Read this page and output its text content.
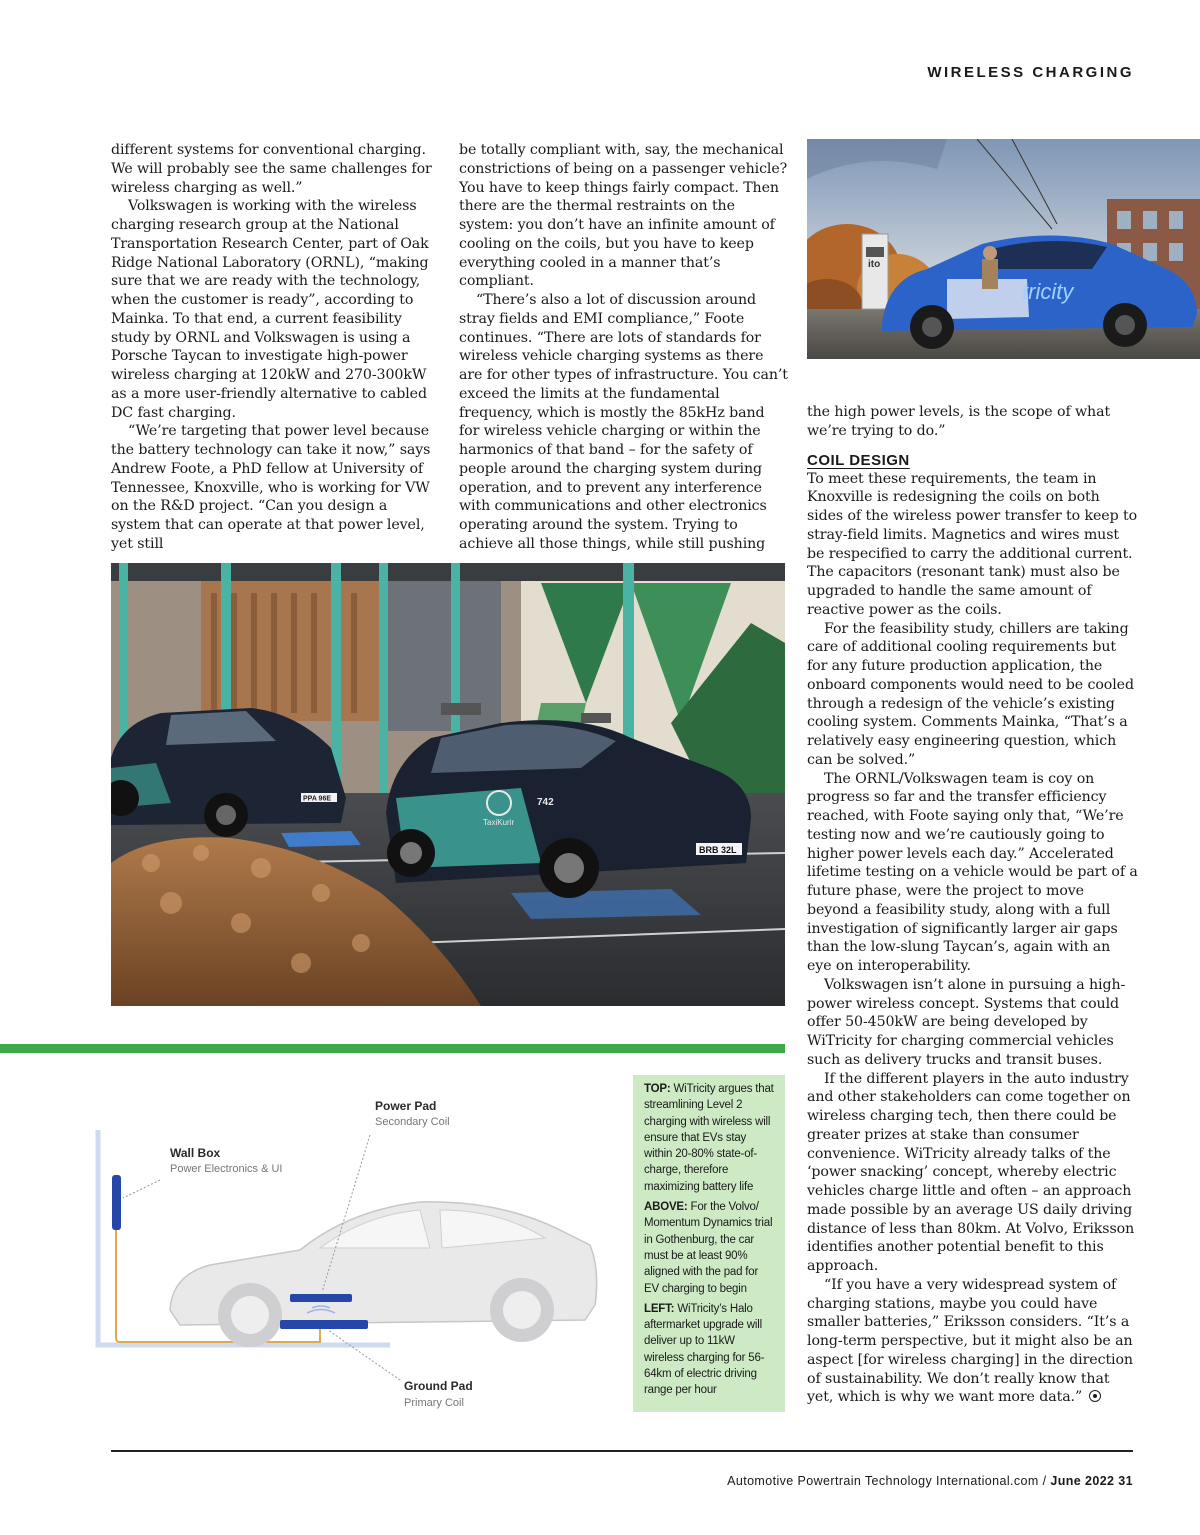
WIRELESS CHARGING

different systems for conventional charging. We will probably see the same challenges for wireless charging as well.”

Volkswagen is working with the wireless charging research group at the National Transportation Research Center, part of Oak Ridge National Laboratory (ORNL), “making sure that we are ready with the technology, when the customer is ready”, according to Mainka. To that end, a current feasibility study by ORNL and Volkswagen is using a Porsche Taycan to investigate high-power wireless charging at 120kW and 270-300kW as a more user-friendly alternative to cabled DC fast charging.

“We’re targeting that power level because the battery technology can take it now,” says Andrew Foote, a PhD fellow at University of Tennessee, Knoxville, who is working for VW on the R&D project. “Can you design a system that can operate at that power level, yet still

be totally compliant with, say, the mechanical constrictions of being on a passenger vehicle? You have to keep things fairly compact. Then there are the thermal restraints on the system: you don’t have an infinite amount of cooling on the coils, but you have to keep everything cooled in a manner that’s compliant.

“There’s also a lot of discussion around stray fields and EMI compliance,” Foote continues. “There are lots of standards for wireless vehicle charging systems as there are for other types of infrastructure. You can’t exceed the limits at the fundamental frequency, which is mostly the 85kHz band for wireless vehicle charging or within the harmonics of that band – for the safety of people around the charging system during operation, and to prevent any interference with communications and other electronics operating around the system. Trying to achieve all those things, while still pushing

ito
tricity

the high power levels, is the scope of what we’re trying to do.”

COIL DESIGN

To meet these requirements, the team in Knoxville is redesigning the coils on both sides of the wireless power transfer to keep to stray-field limits. Magnetics and wires must be respecified to carry the additional current. The capacitors (resonant tank) must also be upgraded to handle the same amount of reactive power as the coils.

For the feasibility study, chillers are taking care of additional cooling requirements but for any future production application, the onboard components would need to be cooled through a redesign of the vehicle’s existing cooling system. Comments Mainka, “That’s a relatively easy engineering question, which can be solved.”

The ORNL/Volkswagen team is coy on progress so far and the transfer efficiency reached, with Foote saying only that, “We’re testing now and we’re cautiously going to higher power levels each day.” Accelerated lifetime testing on a vehicle would be part of a future phase, were the project to move beyond a feasibility study, along with a full investigation of significantly larger air gaps than the low-slung Taycan’s, again with an eye on interoperability.

Volkswagen isn’t alone in pursuing a high-power wireless concept. Systems that could offer 50-450kW are being developed by WiTricity for charging commercial vehicles such as delivery trucks and transit buses.

If the different players in the auto industry and other stakeholders can come together on wireless charging tech, then there could be greater prizes at stake than consumer convenience. WiTricity already talks of the ‘power snacking’ concept, whereby electric vehicles charge little and often – an approach made possible by an average US daily driving distance of less than 80km. At Volvo, Eriksson identifies another potential benefit to this approach.

“If you have a very widespread system of charging stations, maybe you could have smaller batteries,” Eriksson considers. “It’s a long-term perspective, but it might also be an aspect [for wireless charging] in the direction of sustainability. We don’t really know that yet, which is why we want more data.”

PPA 96E
TaxiKurir
742
BRB 32L
Power Pad
Secondary Coil
Wall Box
Power Electronics & UI
Ground Pad
Primary Coil

TOP: WiTricity argues that streamlining Level 2 charging with wireless will ensure that EVs stay within 20-80% state-of-charge, therefore maximizing battery life

ABOVE: For the Volvo/ Momentum Dynamics trial in Gothenburg, the car must be at least 90% aligned with the pad for EV charging to begin

LEFT: WiTricity’s Halo aftermarket upgrade will deliver up to 11kW wireless charging for 56-64km of electric driving range per hour

Automotive Powertrain Technology International.com / June 2022 31
